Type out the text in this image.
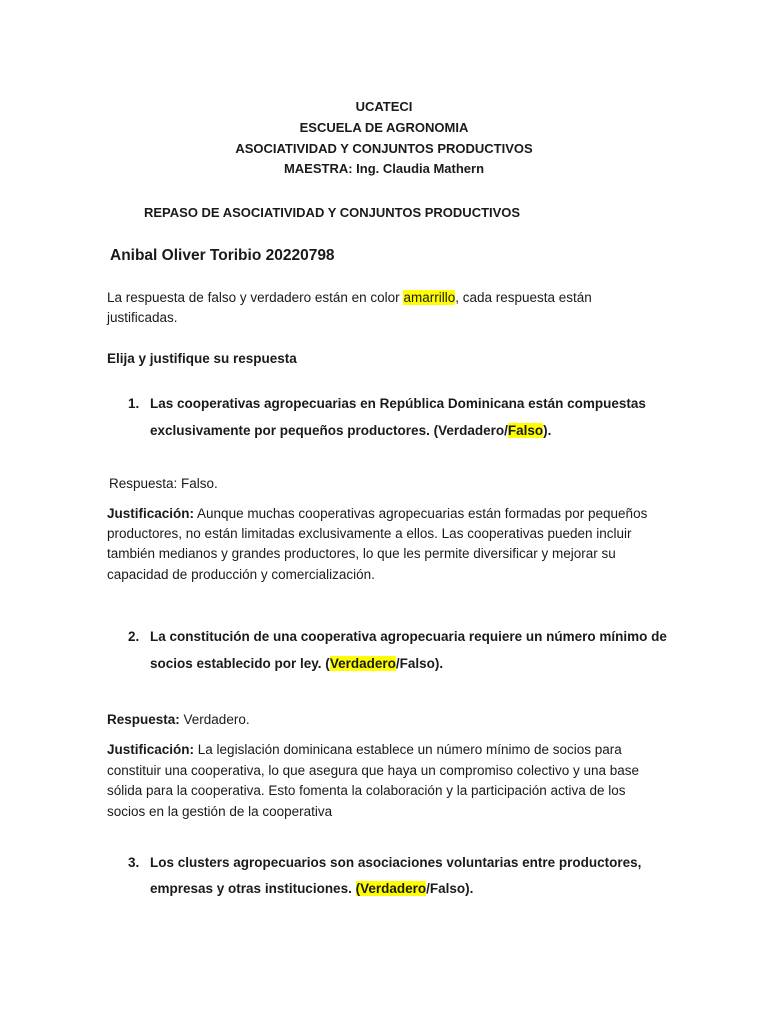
UCATECI
ESCUELA DE AGRONOMIA
ASOCIATIVIDAD Y CONJUNTOS PRODUCTIVOS
MAESTRA: Ing. Claudia Mathern
REPASO DE ASOCIATIVIDAD Y CONJUNTOS PRODUCTIVOS
Anibal Oliver Toribio 20220798
La respuesta de falso y verdadero están en color amarrillo, cada respuesta están
justificadas.
Elija y justifique su respuesta
1. Las cooperativas agropecuarias en República Dominicana están compuestas
exclusivamente por pequeños productores. (Verdadero/Falso).
Respuesta: Falso.
Justificación: Aunque muchas cooperativas agropecuarias están formadas por pequeños
productores, no están limitadas exclusivamente a ellos. Las cooperativas pueden incluir
también medianos y grandes productores, lo que les permite diversificar y mejorar su
capacidad de producción y comercialización.
2. La constitución de una cooperativa agropecuaria requiere un número mínimo de
socios establecido por ley. (Verdadero/Falso).
Respuesta: Verdadero.
Justificación: La legislación dominicana establece un número mínimo de socios para
constituir una cooperativa, lo que asegura que haya un compromiso colectivo y una base
sólida para la cooperativa. Esto fomenta la colaboración y la participación activa de los
socios en la gestión de la cooperativa
3. Los clusters agropecuarios son asociaciones voluntarias entre productores,
empresas y otras instituciones. (Verdadero/Falso).
